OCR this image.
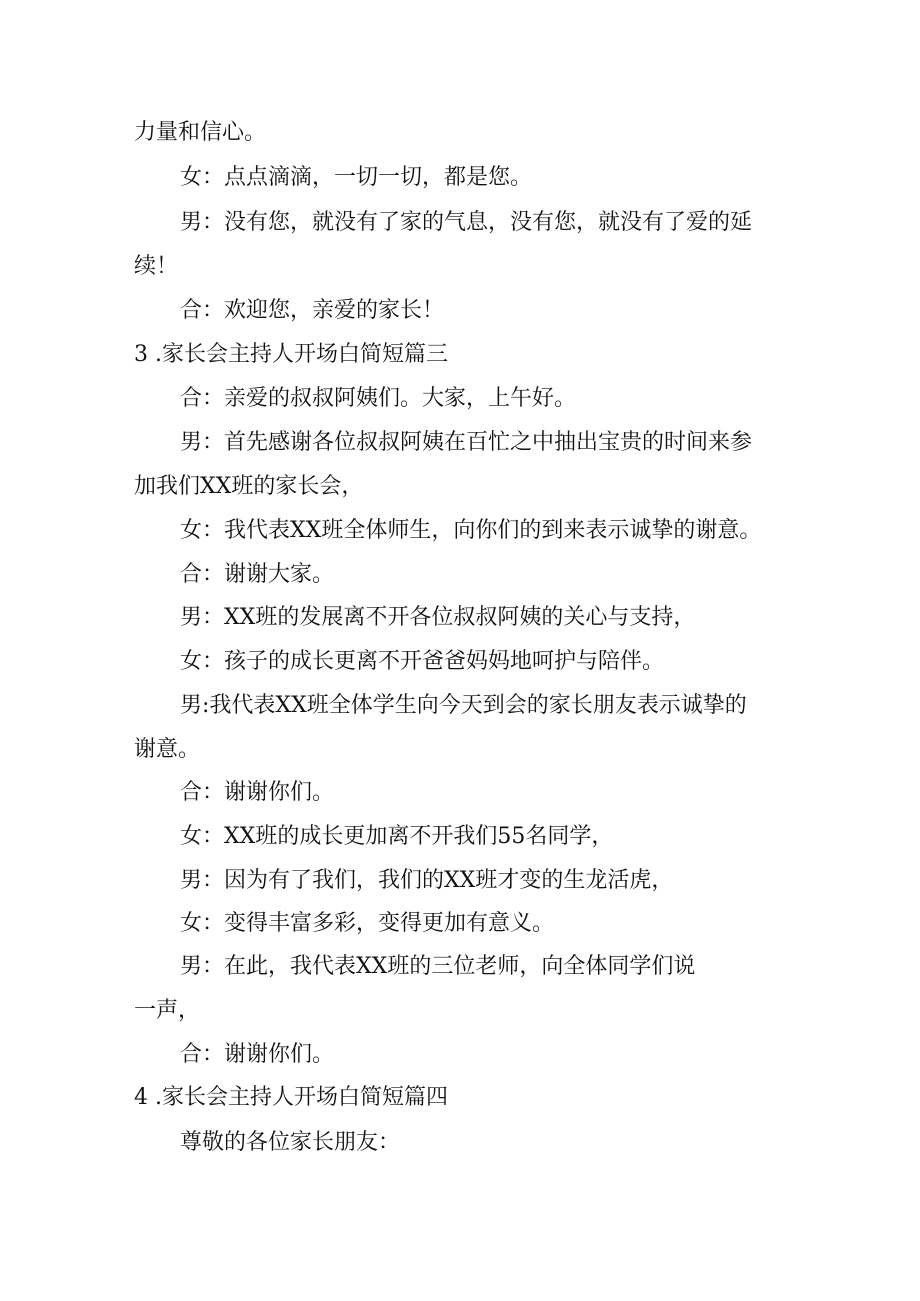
力量和信心。
女：点点滴滴，一切一切，都是您。
男：没有您，就没有了家的气息，没有您，就没有了爱的延
续！
合：欢迎您，亲爱的家长！
3 .家长会主持人开场白简短篇三
合：亲爱的叔叔阿姨们。大家，上午好。
男：首先感谢各位叔叔阿姨在百忙之中抽出宝贵的时间来参
加我们XX班的家长会，
女：我代表XX班全体师生，向你们的到来表示诚挚的谢意。
合：谢谢大家。
男：XX班的发展离不开各位叔叔阿姨的关心与支持，
女：孩子的成长更离不开爸爸妈妈地呵护与陪伴。
男:我代表XX班全体学生向今天到会的家长朋友表示诚挚的
谢意。
合：谢谢你们。
女：XX班的成长更加离不开我们55名同学，
男：因为有了我们，我们的XX班才变的生龙活虎，
女：变得丰富多彩，变得更加有意义。
男：在此，我代表XX班的三位老师，向全体同学们说
一声，
合：谢谢你们。
4 .家长会主持人开场白简短篇四
尊敬的各位家长朋友：
